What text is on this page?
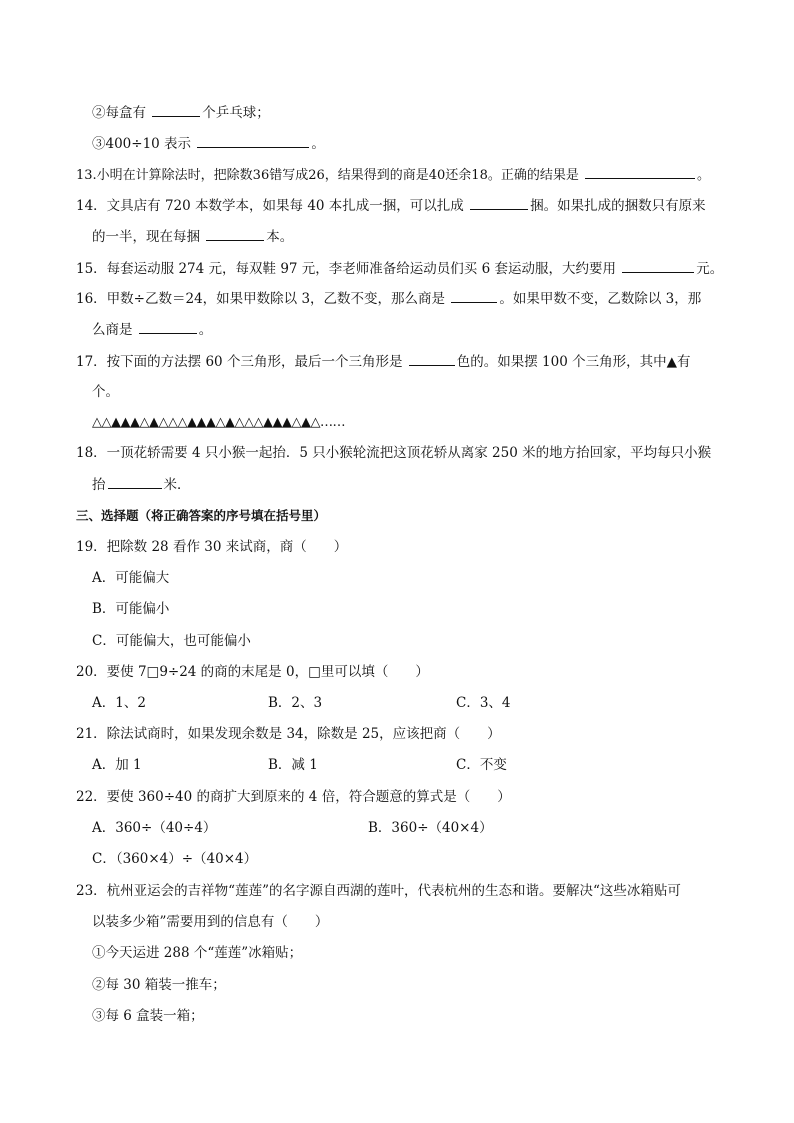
②每盒有	个乒乓球；
③400÷10 表示	。
13.小明在计算除法时，把除数36错写成26，结果得到的商是40还余18。正确的结果是	。
14．文具店有 720 本数学本，如果每 40 本扎成一捆，可以扎成	捆。如果扎成的捆数只有原来
的一半，现在每捆	本。
15．每套运动服 274 元，每双鞋 97 元，李老师准备给运动员们买 6 套运动服，大约要用	元。
16．甲数÷乙数＝24，如果甲数除以 3，乙数不变，那么商是	。如果甲数不变，乙数除以 3，那
么商是	。
17．按下面的方法摆 60 个三角形，最后一个三角形是	色的。如果摆 100 个三角形，其中▲有
个。
△△▲▲▲△▲△△△▲▲▲△▲△△△▲▲▲△▲△……
18．一顶花轿需要 4 只小猴一起抬．5 只小猴轮流把这顶花轿从离家 250 米的地方抬回家，平均每只小猴
抬	米．
三、选择题（将正确答案的序号填在括号里）
19．把除数 28 看作 30 来试商，商（　　）
A．可能偏大
B．可能偏小
C．可能偏大，也可能偏小
20．要使 7□9÷24 的商的末尾是 0，□里可以填（　　）
A．1、2	B．2、3	C．3、4
21．除法试商时，如果发现余数是 34，除数是 25，应该把商（　　）
A．加 1	B．减 1	C．不变
22．要使 360÷40 的商扩大到原来的 4 倍，符合题意的算式是（　　）
A．360÷（40÷4）	B．360÷（40×4）
C．（360×4）÷（40×4）
23．杭州亚运会的吉祥物“莲莲”的名字源自西湖的莲叶，代表杭州的生态和谐。要解决“这些冰箱贴可
以装多少箱”需要用到的信息有（　　）
①今天运进 288 个“莲莲”冰箱贴；
②每 30 箱装一推车；
③每 6 盒装一箱；
